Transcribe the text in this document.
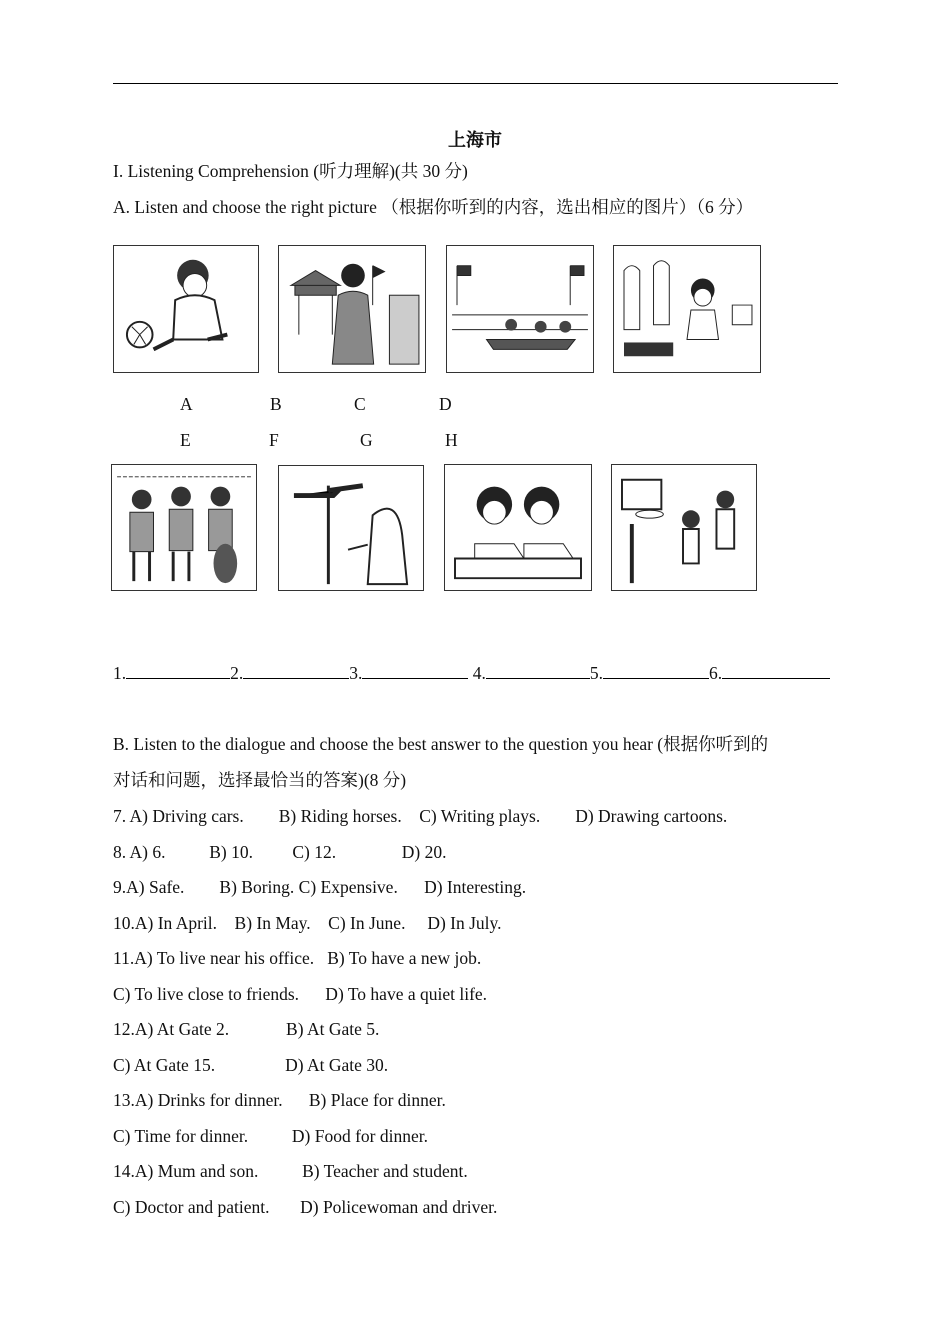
上海市
I. Listening Comprehension (听力理解)(共 30 分)
A. Listen and choose the right picture （根据你听到的内容，选出相应的图片）（6 分）
A	B	C	D
E	F	G	H
1.	2.	3.	4.	5.	6.
B. Listen to the dialogue and choose the best answer to the question you hear (根据你听到的
对话和问题，选择最恰当的答案)(8 分)
7. A) Driving cars.        B) Riding horses.    C) Writing plays.        D) Drawing cartoons.
8. A) 6.          B) 10.         C) 12.               D) 20.
9.A) Safe.        B) Boring. C) Expensive.      D) Interesting.
10.A) In April.    B) In May.    C) In June.     D) In July.
11.A) To live near his office.   B) To have a new job.
C) To live close to friends.      D) To have a quiet life.
12.A) At Gate 2.             B) At Gate 5.
C) At Gate 15.                D) At Gate 30.
13.A) Drinks for dinner.      B) Place for dinner.
C) Time for dinner.          D) Food for dinner.
14.A) Mum and son.          B) Teacher and student.
C) Doctor and patient.       D) Policewoman and driver.
